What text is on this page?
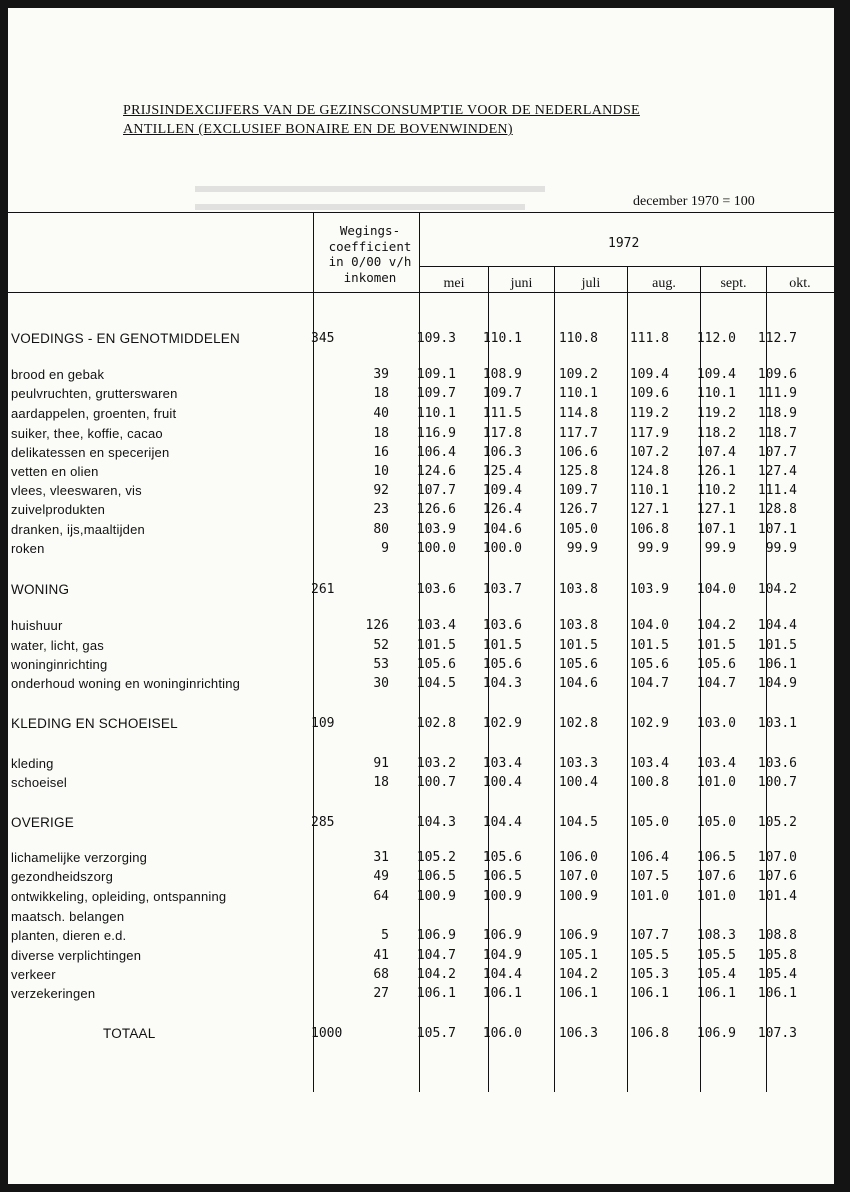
PRIJSINDEXCIJFERS VAN DE GEZINSCONSUMPTIE VOOR DE NEDERLANDSE
ANTILLEN (EXCLUSIEF BONAIRE EN DE BOVENWINDEN)
december 1970 = 100
Wegings-
coefficient
in 0/00 v/h
inkomen
1972
mei	juni	juli	aug.	sept.	okt.
VOEDINGS - EN GENOTMIDDELEN	345	109.3	110.1	110.8	111.8	112.0	112.7
brood en gebak	39	109.1	108.9	109.2	109.4	109.4	109.6
peulvruchten, grutterswaren	18	109.7	109.7	110.1	109.6	110.1	111.9
aardappelen, groenten, fruit	40	110.1	111.5	114.8	119.2	119.2	118.9
suiker, thee, koffie, cacao	18	116.9	117.8	117.7	117.9	118.2	118.7
delikatessen en specerijen	16	106.4	106.3	106.6	107.2	107.4	107.7
vetten en olien	10	124.6	125.4	125.8	124.8	126.1	127.4
vlees, vleeswaren, vis	92	107.7	109.4	109.7	110.1	110.2	111.4
zuivelprodukten	23	126.6	126.4	126.7	127.1	127.1	128.8
dranken, ijs,maaltijden	80	103.9	104.6	105.0	106.8	107.1	107.1
roken	9	100.0	100.0	99.9	99.9	99.9	99.9
WONING	261	103.6	103.7	103.8	103.9	104.0	104.2
huishuur	126	103.4	103.6	103.8	104.0	104.2	104.4
water, licht, gas	52	101.5	101.5	101.5	101.5	101.5	101.5
woninginrichting	53	105.6	105.6	105.6	105.6	105.6	106.1
onderhoud woning en woninginrichting	30	104.5	104.3	104.6	104.7	104.7	104.9
KLEDING EN SCHOEISEL	109	102.8	102.9	102.8	102.9	103.0	103.1
kleding	91	103.2	103.4	103.3	103.4	103.4	103.6
schoeisel	18	100.7	100.4	100.4	100.8	101.0	100.7
OVERIGE	285	104.3	104.4	104.5	105.0	105.0	105.2
lichamelijke verzorging	31	105.2	105.6	106.0	106.4	106.5	107.0
gezondheidszorg	49	106.5	106.5	107.0	107.5	107.6	107.6
ontwikkeling, opleiding, ontspanning	64	100.9	100.9	100.9	101.0	101.0	101.4
maatsch. belangen
planten, dieren e.d.	5	106.9	106.9	106.9	107.7	108.3	108.8
diverse verplichtingen	41	104.7	104.9	105.1	105.5	105.5	105.8
verkeer	68	104.2	104.4	104.2	105.3	105.4	105.4
verzekeringen	27	106.1	106.1	106.1	106.1	106.1	106.1
TOTAAL	1000	105.7	106.0	106.3	106.8	106.9	107.3
